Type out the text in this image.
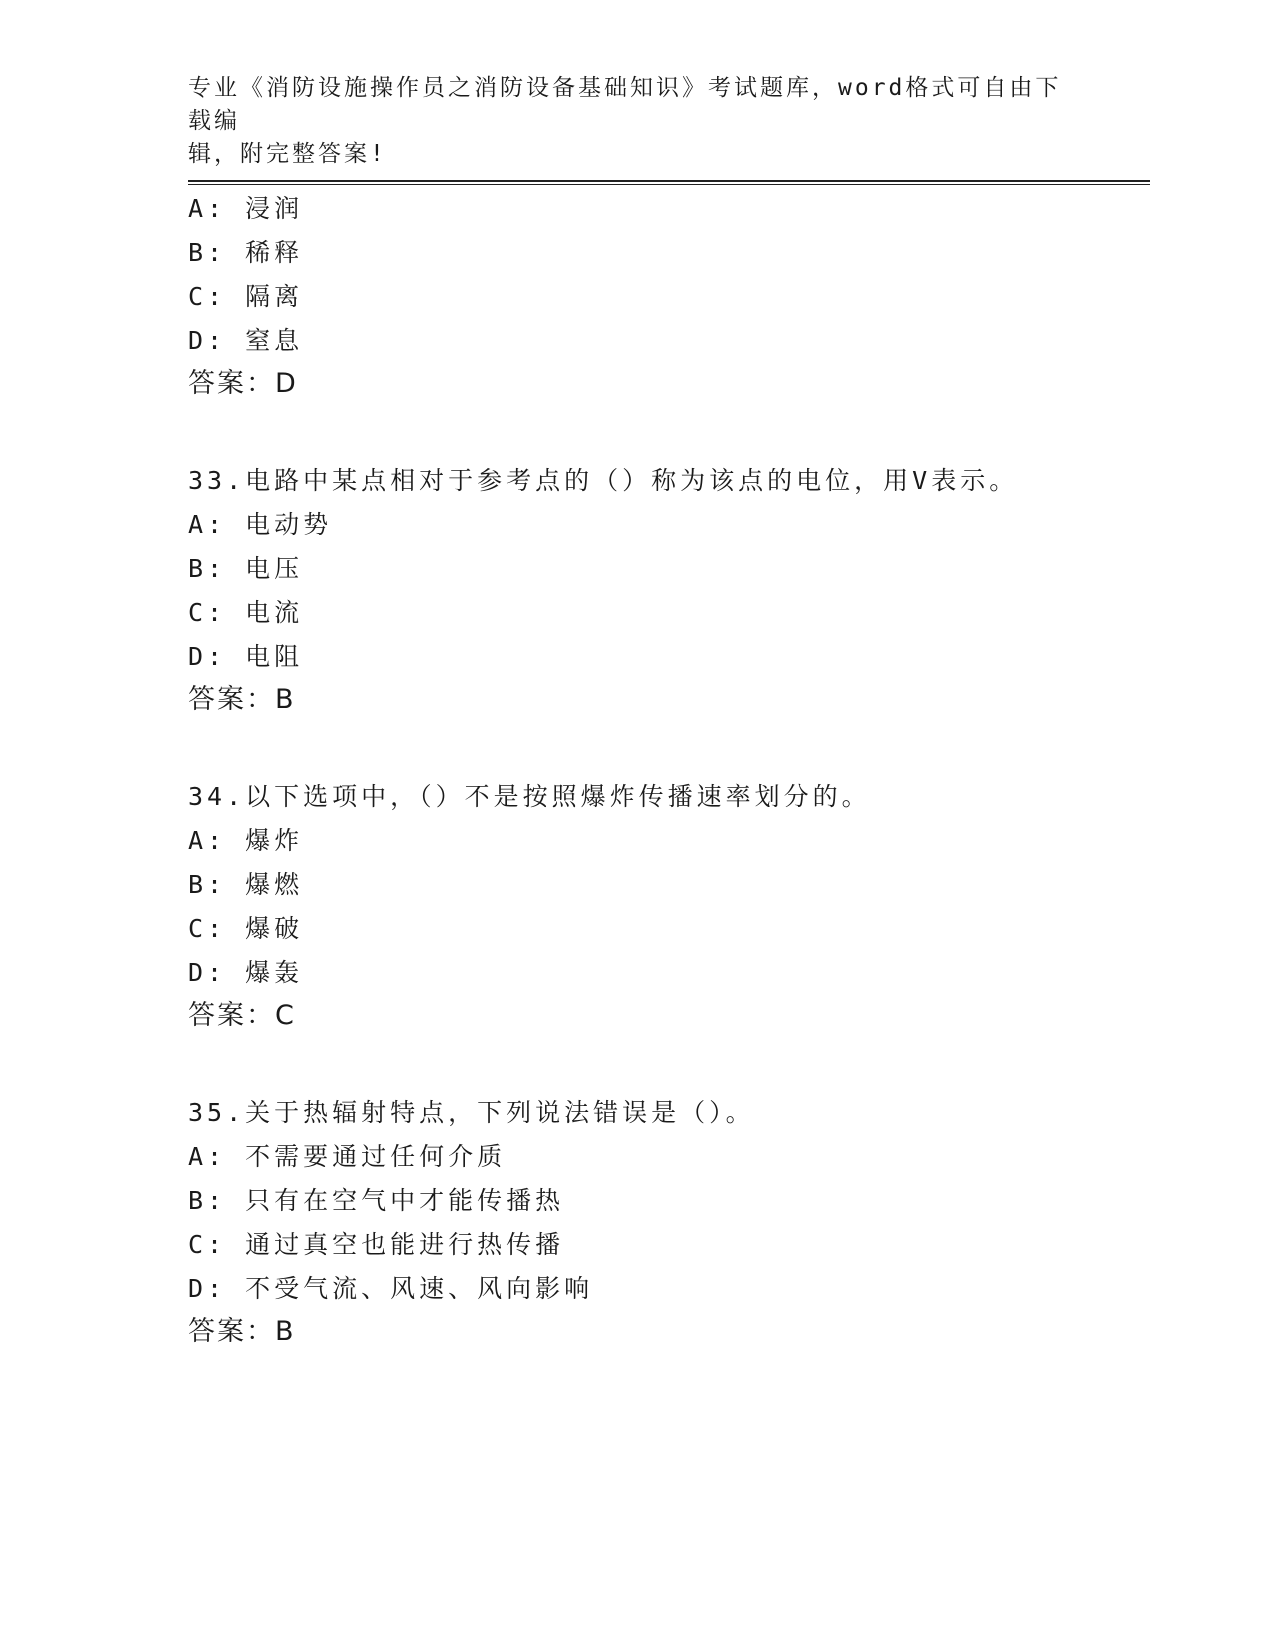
专业《消防设施操作员之消防设备基础知识》考试题库，word格式可自由下载编
辑，附完整答案!
A: 浸润
B: 稀释
C: 隔离
D: 窒息
答案：D
33.电路中某点相对于参考点的（）称为该点的电位，用V表示。
A: 电动势
B: 电压
C: 电流
D: 电阻
答案：B
34.以下选项中，（）不是按照爆炸传播速率划分的。
A: 爆炸
B: 爆燃
C: 爆破
D: 爆轰
答案：C
35.关于热辐射特点，下列说法错误是（）。
A: 不需要通过任何介质
B: 只有在空气中才能传播热
C: 通过真空也能进行热传播
D: 不受气流、风速、风向影响
答案：B
